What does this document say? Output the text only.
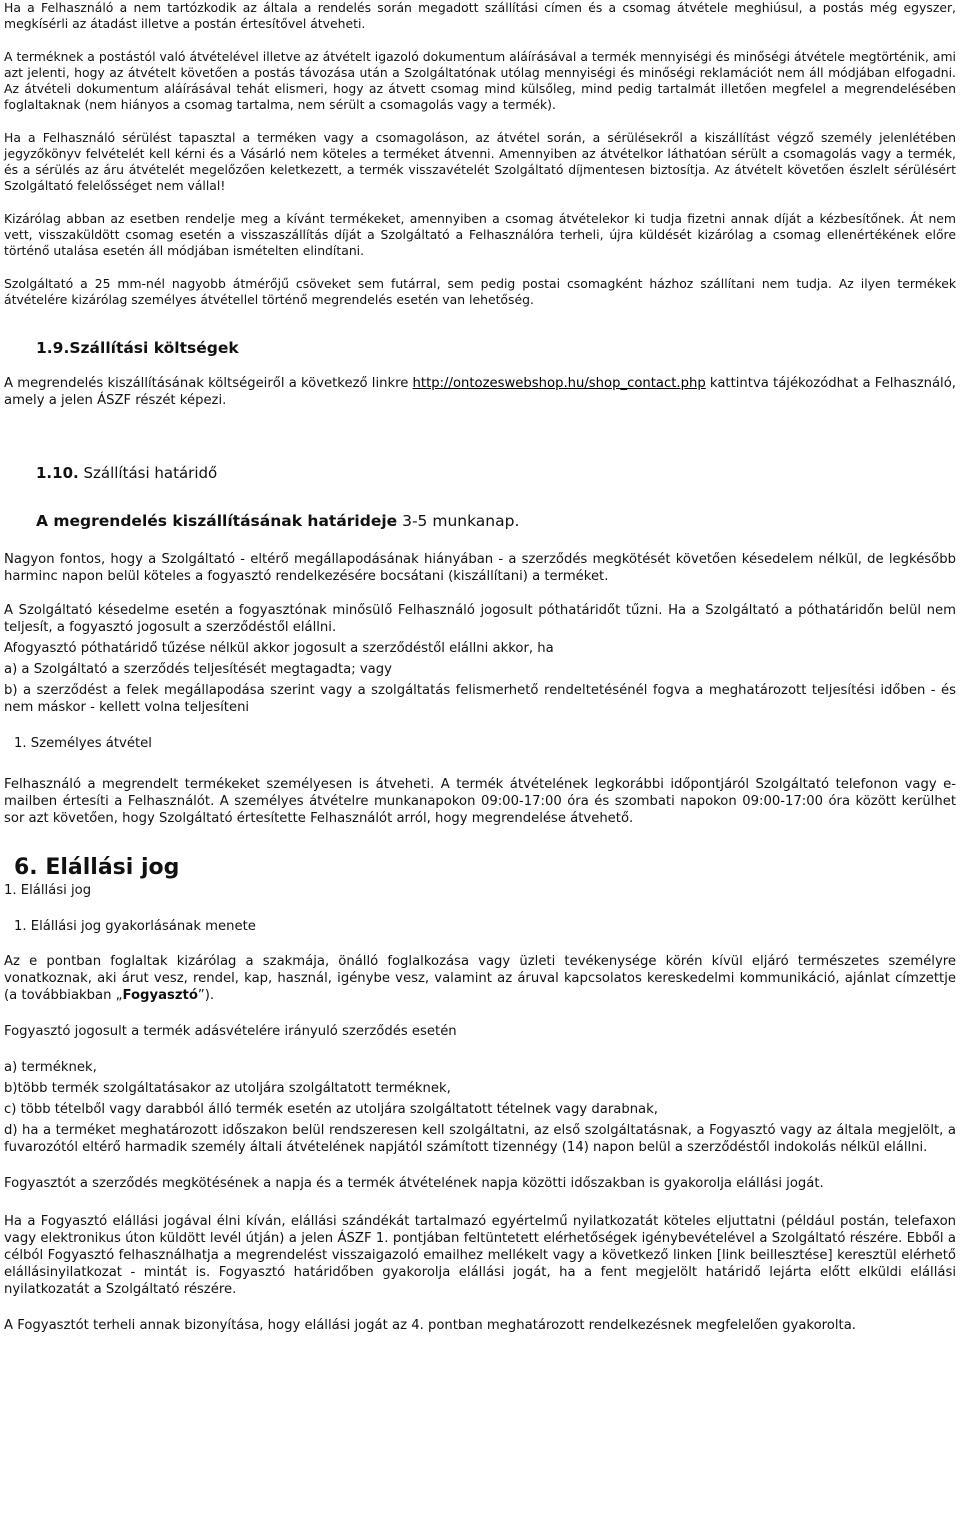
Ha a Felhasználó a nem tartózkodik az általa a rendelés során megadott szállítási címen és a csomag átvétele meghiúsul, a postás még egyszer, megkísérli az átadást illetve a postán értesítővel átveheti.

A terméknek a postástól való átvételével illetve az átvételt igazoló dokumentum aláírásával a termék mennyiségi és minőségi átvétele megtörténik, ami azt jelenti, hogy az átvételt követően a postás távozása után a Szolgáltatónak utólag mennyiségi és minőségi reklamációt nem áll módjában elfogadni. Az átvételi dokumentum aláírásával tehát elismeri, hogy az átvett csomag mind külsőleg, mind pedig tartalmát illetően megfelel a megrendelésében foglaltaknak (nem hiányos a csomag tartalma, nem sérült a csomagolás vagy a termék).

Ha a Felhasználó sérülést tapasztal a terméken vagy a csomagoláson, az átvétel során, a sérülésekről a kiszállítást végző személy jelenlétében jegyzőkönyv felvételét kell kérni és a Vásárló nem köteles a terméket átvenni. Amennyiben az átvételkor láthatóan sérült a csomagolás vagy a termék, és a sérülés az áru átvételét megelőzően keletkezett, a termék visszavételét Szolgáltató díjmentesen biztosítja. Az átvételt követően észlelt sérülésért Szolgáltató felelősséget nem vállal!

Kizárólag abban az esetben rendelje meg a kívánt termékeket, amennyiben a csomag átvételekor ki tudja fizetni annak díját a kézbesítőnek. Át nem vett, visszaküldött csomag esetén a visszaszállítás díját a Szolgáltató a Felhasználóra terheli, újra küldését kizárólag a csomag ellenértékének előre történő utalása esetén áll módjában ismételten elindítani.

Szolgáltató a 25 mm-nél nagyobb átmérőjű csöveket sem futárral, sem pedig postai csomagként házhoz szállítani nem tudja. Az ilyen termékek átvételére kizárólag személyes átvétellel történő megrendelés esetén van lehetőség.

1.9.Szállítási költségek

A megrendelés kiszállításának költségeiről a következő linkre http://ontozeswebshop.hu/shop_contact.php kattintva tájékozódhat a Felhasználó, amely a jelen ÁSZF részét képezi.

1.10. Szállítási határidő

A megrendelés kiszállításának határideje 3-5 munkanap.

Nagyon fontos, hogy a Szolgáltató - eltérő megállapodásának hiányában - a szerződés megkötését követően késedelem nélkül, de legkésőbb harminc napon belül köteles a fogyasztó rendelkezésére bocsátani (kiszállítani) a terméket.

A Szolgáltató késedelme esetén a fogyasztónak minősülő Felhasználó jogosult póthatáridőt tűzni. Ha a Szolgáltató a póthatáridőn belül nem teljesít, a fogyasztó jogosult a szerződéstől elállni.

Afogyasztó póthatáridő tűzése nélkül akkor jogosult a szerződéstől elállni akkor, ha

a) a Szolgáltató a szerződés teljesítését megtagadta; vagy

b) a szerződést a felek megállapodása szerint vagy a szolgáltatás felismerhető rendeltetésénél fogva a meghatározott teljesítési időben - és nem máskor - kellett volna teljesíteni

1. Személyes átvétel

Felhasználó a megrendelt termékeket személyesen is átveheti. A termék átvételének legkorábbi időpontjáról Szolgáltató telefonon vagy e-mailben értesíti a Felhasználót. A személyes átvételre munkanapokon 09:00-17:00 óra és szombati napokon 09:00-17:00 óra között kerülhet sor azt követően, hogy Szolgáltató értesítette Felhasználót arról, hogy megrendelése átvehető.

6. Elállási jog

1. Elállási jog

1. Elállási jog gyakorlásának menete

Az e pontban foglaltak kizárólag a szakmája, önálló foglalkozása vagy üzleti tevékenysége körén kívül eljáró természetes személyre vonatkoznak, aki árut vesz, rendel, kap, használ, igénybe vesz, valamint az áruval kapcsolatos kereskedelmi kommunikáció, ajánlat címzettje (a továbbiakban „Fogyasztó”).

Fogyasztó jogosult a termék adásvételére irányuló szerződés esetén

a) terméknek,

b)több termék szolgáltatásakor az utoljára szolgáltatott terméknek,

c) több tételből vagy darabból álló termék esetén az utoljára szolgáltatott tételnek vagy darabnak,

d) ha a terméket meghatározott időszakon belül rendszeresen kell szolgáltatni, az első szolgáltatásnak, a Fogyasztó vagy az általa megjelölt, a fuvarozótól eltérő harmadik személy általi átvételének napjától számított tizennégy (14) napon belül a szerződéstől indokolás nélkül elállni.

Fogyasztót a szerződés megkötésének a napja és a termék átvételének napja közötti időszakban is gyakorolja elállási jogát.

Ha a Fogyasztó elállási jogával élni kíván, elállási szándékát tartalmazó egyértelmű nyilatkozatát köteles eljuttatni (például postán, telefaxon vagy elektronikus úton küldött levél útján) a jelen ÁSZF 1. pontjában feltüntetett elérhetőségek igénybevételével a Szolgáltató részére. Ebből a célból Fogyasztó felhasználhatja a megrendelést visszaigazoló emailhez mellékelt vagy a következő linken [link beillesztése] keresztül elérhető elállásinyilatkozat - mintát is. Fogyasztó határidőben gyakorolja elállási jogát, ha a fent megjelölt határidő lejárta előtt elküldi elállási nyilatkozatát a Szolgáltató részére.

A Fogyasztót terheli annak bizonyítása, hogy elállási jogát az 4. pontban meghatározott rendelkezésnek megfelelően gyakorolta.
